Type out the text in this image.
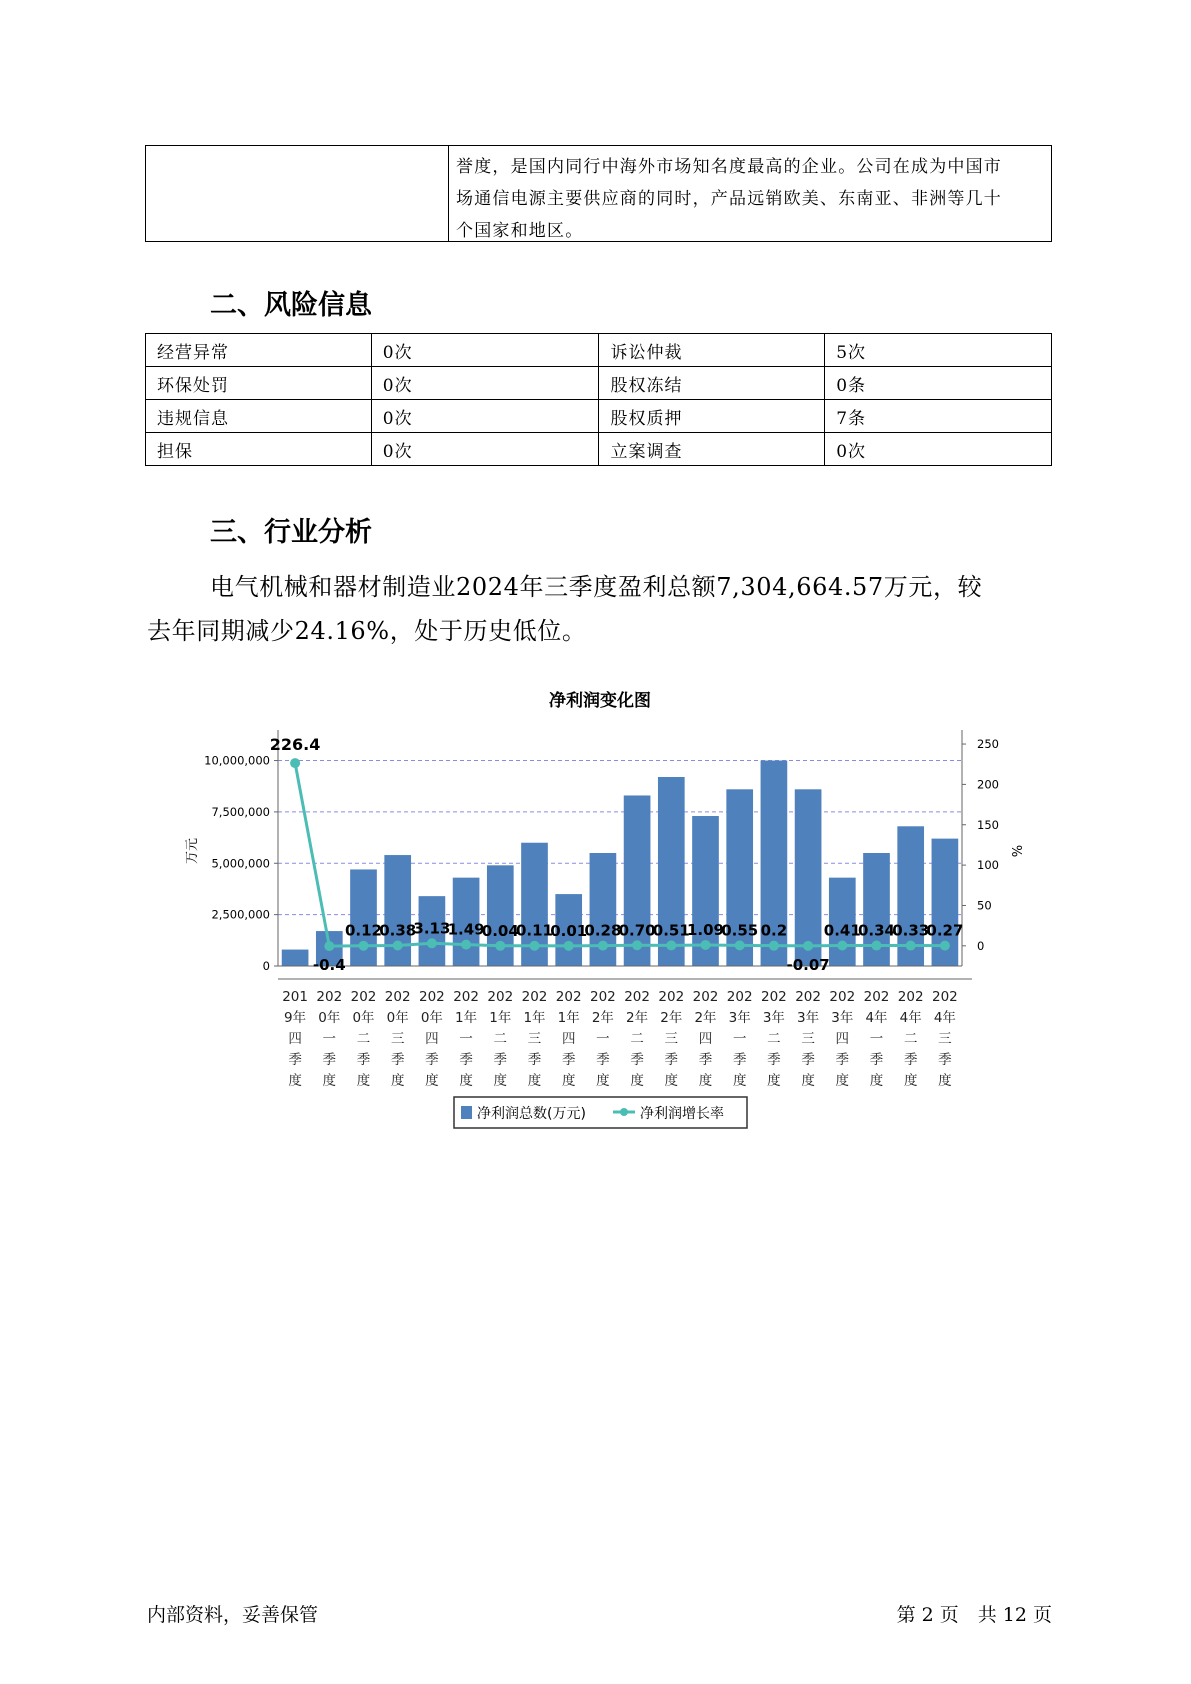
誉度，是国内同行中海外市场知名度最高的企业。公司在成为中国市
场通信电源主要供应商的同时，产品远销欧美、东南亚、非洲等几十
个国家和地区。
二、风险信息
经营异常	0次	诉讼仲裁	5次
环保处罚	0次	股权冻结	0条
违规信息	0次	股权质押	7条
担保	0次	立案调查	0次
三、行业分析
电气机械和器材制造业2024年三季度盈利总额7,304,664.57万元，较
去年同期减少24.16%，处于历史低位。
净利润变化图
0
2,500,000
5,000,000
7,500,000
10,000,000
0
50
100
150
200
250
226.4
-0.4
0.12
0.38
3.13
1.49
0.04
0.11
0.01
0.28
0.70
0.51
1.09
0.55 0.2
-0.07
0.41
0.34
0.33
0.27
201
9年
四
季
度
202
0年
一
季
度
202
0年
二
季
度
202
0年
三
季
度
202
0年
四
季
度
202
1年
一
季
度
202
1年
二
季
度
202
1年
三
季
度
202
1年
四
季
度
202
2年
一
季
度
202
2年
二
季
度
202
2年
三
季
度
202
2年
四
季
度
202
3年
一
季
度
202
3年
二
季
度
202
3年
三
季
度
202
3年
四
季
度
202
4年
一
季
度
202
4年
二
季
度
202
4年
三
季
度
万元	%
净利润总数(万元)	净利润增长率
内部资料，妥善保管	第 2 页　共 12 页
